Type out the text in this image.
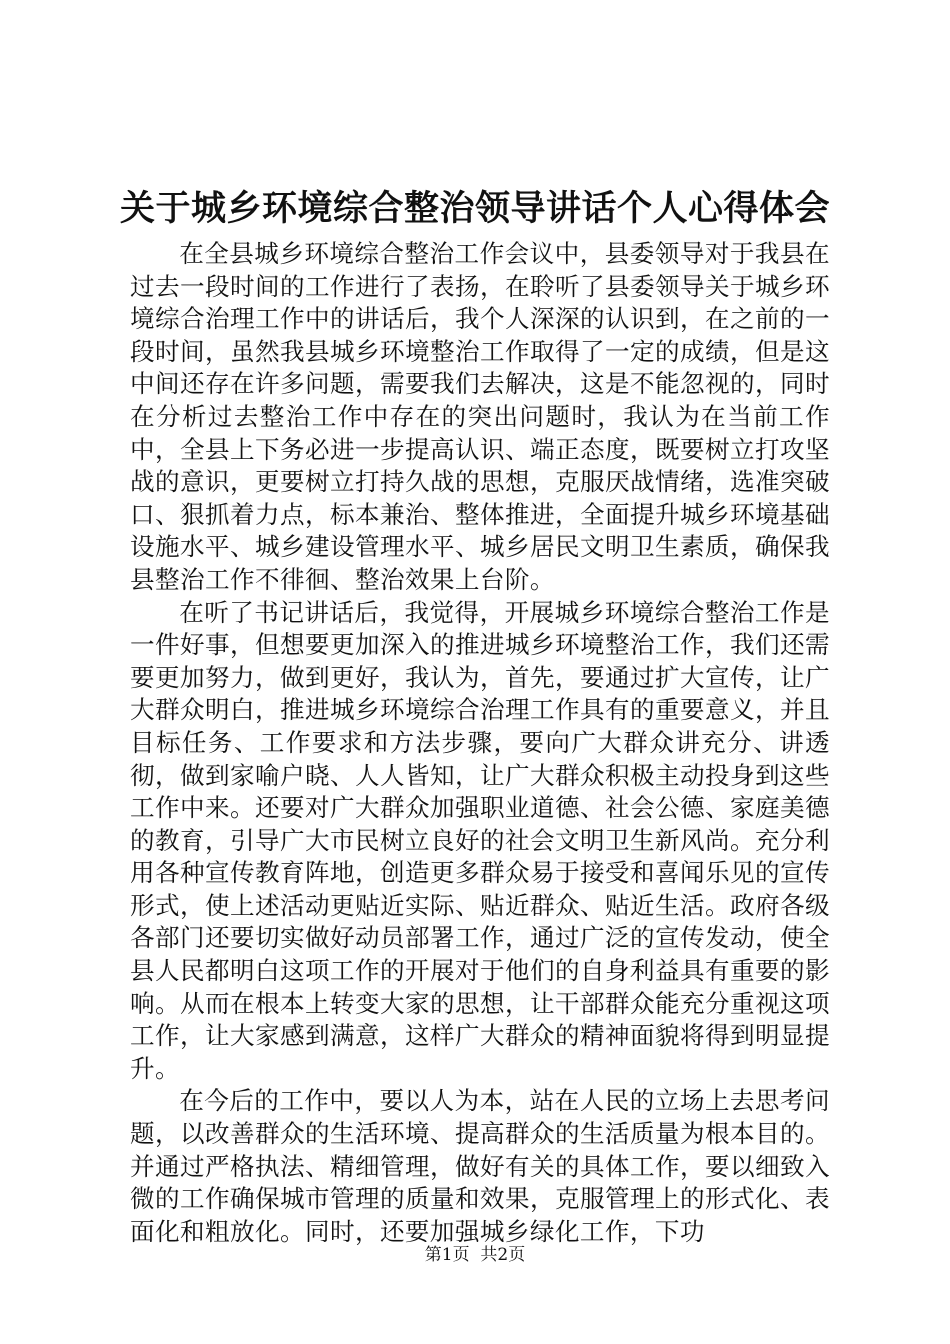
关于城乡环境综合整治领导讲话个人心得体会

在全县城乡环境综合整治工作会议中，县委领导对于我县在过去一段时间的工作进行了表扬，在聆听了县委领导关于城乡环境综合治理工作中的讲话后，我个人深深的认识到，在之前的一段时间，虽然我县城乡环境整治工作取得了一定的成绩，但是这中间还存在许多问题，需要我们去解决，这是不能忽视的，同时在分析过去整治工作中存在的突出问题时，我认为在当前工作中，全县上下务必进一步提高认识、端正态度，既要树立打攻坚战的意识，更要树立打持久战的思想，克服厌战情绪，选准突破口、狠抓着力点，标本兼治、整体推进，全面提升城乡环境基础设施水平、城乡建设管理水平、城乡居民文明卫生素质，确保我县整治工作不徘徊、整治效果上台阶。

在听了书记讲话后，我觉得，开展城乡环境综合整治工作是一件好事，但想要更加深入的推进城乡环境整治工作，我们还需要更加努力，做到更好，我认为，首先，要通过扩大宣传，让广大群众明白，推进城乡环境综合治理工作具有的重要意义，并且目标任务、工作要求和方法步骤，要向广大群众讲充分、讲透彻，做到家喻户晓、人人皆知，让广大群众积极主动投身到这些工作中来。还要对广大群众加强职业道德、社会公德、家庭美德的教育，引导广大市民树立良好的社会文明卫生新风尚。充分利用各种宣传教育阵地，创造更多群众易于接受和喜闻乐见的宣传形式，使上述活动更贴近实际、贴近群众、贴近生活。政府各级各部门还要切实做好动员部署工作，通过广泛的宣传发动，使全县人民都明白这项工作的开展对于他们的自身利益具有重要的影响。从而在根本上转变大家的思想，让干部群众能充分重视这项工作，让大家感到满意，这样广大群众的精神面貌将得到明显提升。

在今后的工作中，要以人为本，站在人民的立场上去思考问题，以改善群众的生活环境、提高群众的生活质量为根本目的。并通过严格执法、精细管理，做好有关的具体工作，要以细致入微的工作确保城市管理的质量和效果，克服管理上的形式化、表面化和粗放化。同时，还要加强城乡绿化工作，下功

第1页  共2页
